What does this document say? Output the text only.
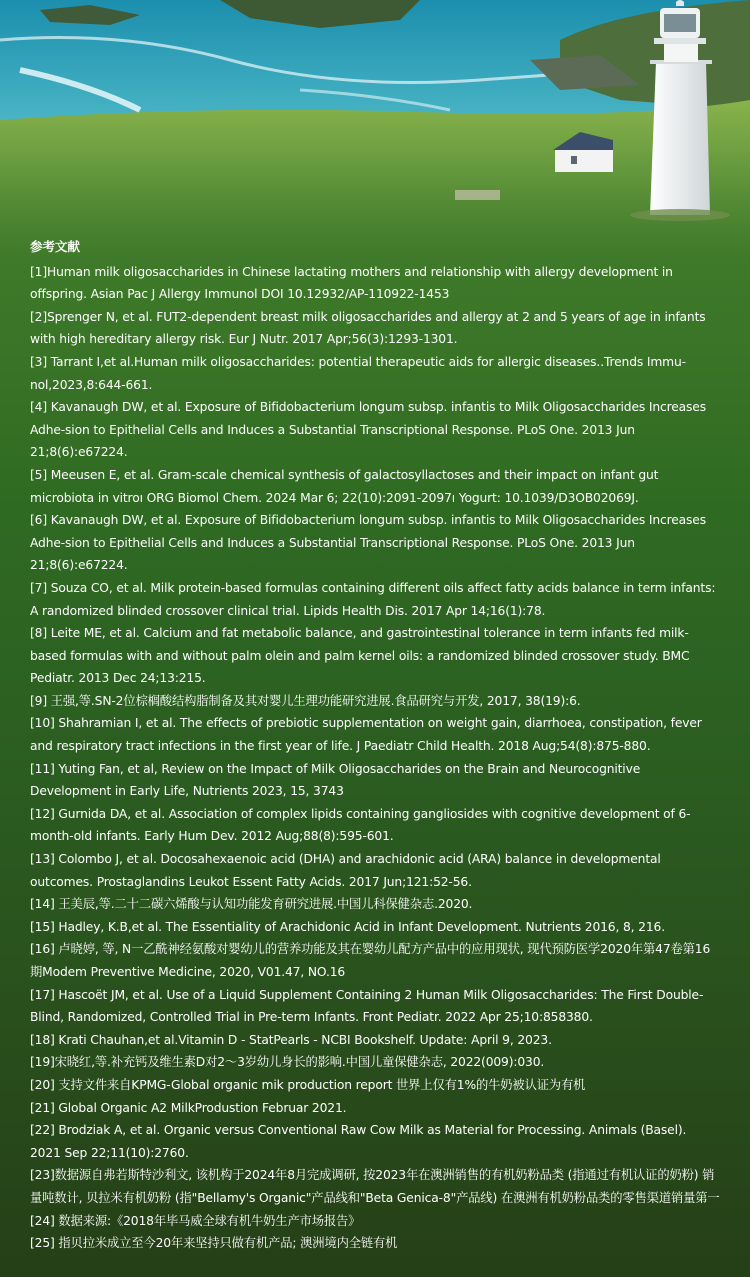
参考文献

[1]Human milk oligosaccharides in Chinese lactating mothers and relationship with allergy development in offspring. Asian Pac J Allergy Immunol DOI 10.12932/AP-110922-1453

[2]Sprenger N, et al. FUT2-dependent breast milk oligosaccharides and allergy at 2 and 5 years of age in infants with high hereditary allergy risk. Eur J Nutr. 2017 Apr;56(3):1293-1301.

[3] Tarrant I,et al.Human milk oligosaccharides: potential therapeutic aids for allergic diseases..Trends Immu-nol,2023,8:644-661.

[4] Kavanaugh DW, et al. Exposure of Bifidobacterium longum subsp. infantis to Milk Oligosaccharides Increases Adhe-sion to Epithelial Cells and Induces a Substantial Transcriptional Response. PLoS One. 2013 Jun 21;8(6):e67224.

[5] Meeusen E, et al. Gram-scale chemical synthesis of galactosyllactoses and their impact on infant gut microbiota in vitroı ORG Biomol Chem. 2024 Mar 6; 22(10):2091-2097ı Yogurt: 10.1039/D3OB02069J.

[6] Kavanaugh DW, et al. Exposure of Bifidobacterium longum subsp. infantis to Milk Oligosaccharides Increases Adhe-sion to Epithelial Cells and Induces a Substantial Transcriptional Response. PLoS One. 2013 Jun 21;8(6):e67224.

[7] Souza CO, et al. Milk protein-based formulas containing different oils affect fatty acids balance in term infants: A randomized blinded crossover clinical trial. Lipids Health Dis. 2017 Apr 14;16(1):78.

[8] Leite ME, et al. Calcium and fat metabolic balance, and gastrointestinal tolerance in term infants fed milk-based formulas with and without palm olein and palm kernel oils: a randomized blinded crossover study. BMC Pediatr. 2013 Dec 24;13:215.

[9] 王强,等.SN-2位棕榈酸结构脂制备及其对婴儿生理功能研究进展.食品研究与开发, 2017, 38(19):6.

[10] Shahramian I, et al. The effects of prebiotic supplementation on weight gain, diarrhoea, constipation, fever and respiratory tract infections in the first year of life. J Paediatr Child Health. 2018 Aug;54(8):875-880.

[11] Yuting Fan, et al, Review on the Impact of Milk Oligosaccharides on the Brain and Neurocognitive Development in Early Life, Nutrients 2023, 15, 3743

[12] Gurnida DA, et al. Association of complex lipids containing gangliosides with cognitive development of 6-month-old infants. Early Hum Dev. 2012 Aug;88(8):595-601.

[13] Colombo J, et al. Docosahexaenoic acid (DHA) and arachidonic acid (ARA) balance in developmental outcomes. Prostaglandins Leukot Essent Fatty Acids. 2017 Jun;121:52-56.

[14] 王美辰,等.二十二碳六烯酸与认知功能发育研究进展.中国儿科保健杂志.2020.

[15] Hadley, K.B,et al. The Essentiality of Arachidonic Acid in Infant Development. Nutrients 2016, 8, 216.

[16] 卢晓婷, 等, N一乙酰神经氨酸对婴幼儿的营养功能及其在婴幼儿配方产品中的应用现状, 现代预防医学2020年第47卷第16期Modem Preventive Medicine, 2020, V01.47, NO.16

[17] Hascoët JM, et al. Use of a Liquid Supplement Containing 2 Human Milk Oligosaccharides: The First Double-Blind, Randomized, Controlled Trial in Pre-term Infants. Front Pediatr. 2022 Apr 25;10:858380.

[18] Krati Chauhan,et al.Vitamin D - StatPearls - NCBI Bookshelf. Update: April 9, 2023.

[19]宋晓红,等.补充钙及维生素D对2～3岁幼儿身长的影响.中国儿童保健杂志, 2022(009):030.

[20] 支持文件来自KPMG-Global organic mik production report 世界上仅有1%的牛奶被认证为有机

[21] Global Organic A2 MilkProdustion Februar 2021.

[22] Brodziak A, et al. Organic versus Conventional Raw Cow Milk as Material for Processing. Animals (Basel). 2021 Sep 22;11(10):2760.

[23]数据源自弗若斯特沙利文, 该机构于2024年8月完成调研, 按2023年在澳洲销售的有机奶粉品类 (指通过有机认证的奶粉) 销量吨数计, 贝拉米有机奶粉 (指"Bellamy's Organic"产品线和"Beta Genica-8"产品线) 在澳洲有机奶粉品类的零售渠道销量第一

[24] 数据来源:《2018年毕马威全球有机牛奶生产市场报告》

[25] 指贝拉米成立至今20年来坚持只做有机产品; 澳洲境内全链有机
